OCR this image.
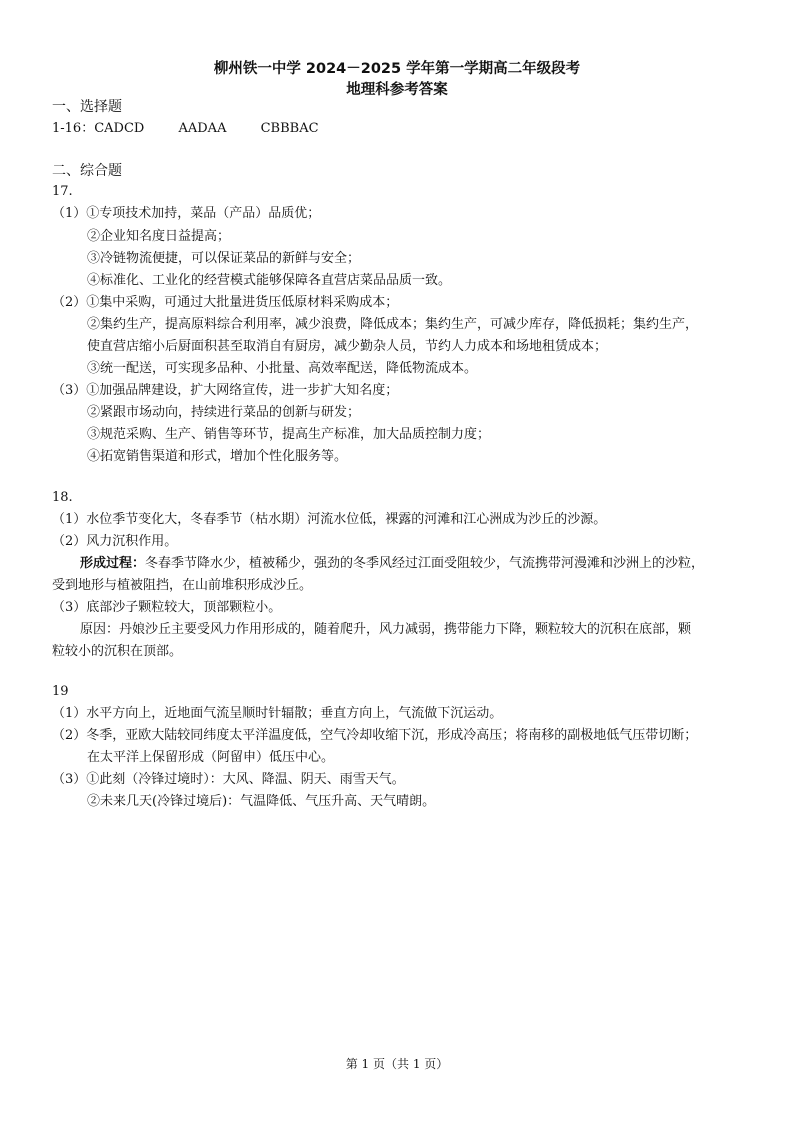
柳州铁一中学 2024－2025 学年第一学期高二年级段考
地理科参考答案
一、选择题
1-16：CADCD	AADAA	CBBBAC
二、综合题
17.
（1）①专项技术加持，菜品（产品）品质优；
②企业知名度日益提高；
③冷链物流便捷，可以保证菜品的新鲜与安全；
④标准化、工业化的经营模式能够保障各直营店菜品品质一致。
（2）①集中采购，可通过大批量进货压低原材料采购成本；
②集约生产，提高原料综合利用率，减少浪费，降低成本；集约生产，可减少库存，降低损耗；集约生产，
使直营店缩小后厨面积甚至取消自有厨房，减少勤杂人员，节约人力成本和场地租赁成本；
③统一配送，可实现多品种、小批量、高效率配送，降低物流成本。
（3）①加强品牌建设，扩大网络宣传，进一步扩大知名度；
②紧跟市场动向，持续进行菜品的创新与研发；
③规范采购、生产、销售等环节，提高生产标准，加大品质控制力度；
④拓宽销售渠道和形式，增加个性化服务等。
18.
（1）水位季节变化大，冬春季节（枯水期）河流水位低，裸露的河滩和江心洲成为沙丘的沙源。
（2）风力沉积作用。
形成过程：冬春季节降水少，植被稀少，强劲的冬季风经过江面受阻较少，气流携带河漫滩和沙洲上的沙粒，
受到地形与植被阻挡，在山前堆积形成沙丘。
（3）底部沙子颗粒较大，顶部颗粒小。
原因：丹娘沙丘主要受风力作用形成的，随着爬升，风力减弱，携带能力下降，颗粒较大的沉积在底部，颗
粒较小的沉积在顶部。
19
（1）水平方向上，近地面气流呈顺时针辐散；垂直方向上，气流做下沉运动。
（2）冬季，亚欧大陆较同纬度太平洋温度低，空气冷却收缩下沉，形成冷高压；将南移的副极地低气压带切断；
在太平洋上保留形成（阿留申）低压中心。
（3）①此刻（冷锋过境时）：大风、降温、阴天、雨雪天气。
②未来几天(冷锋过境后)：气温降低、气压升高、天气晴朗。
第 1 页（共 1 页）
